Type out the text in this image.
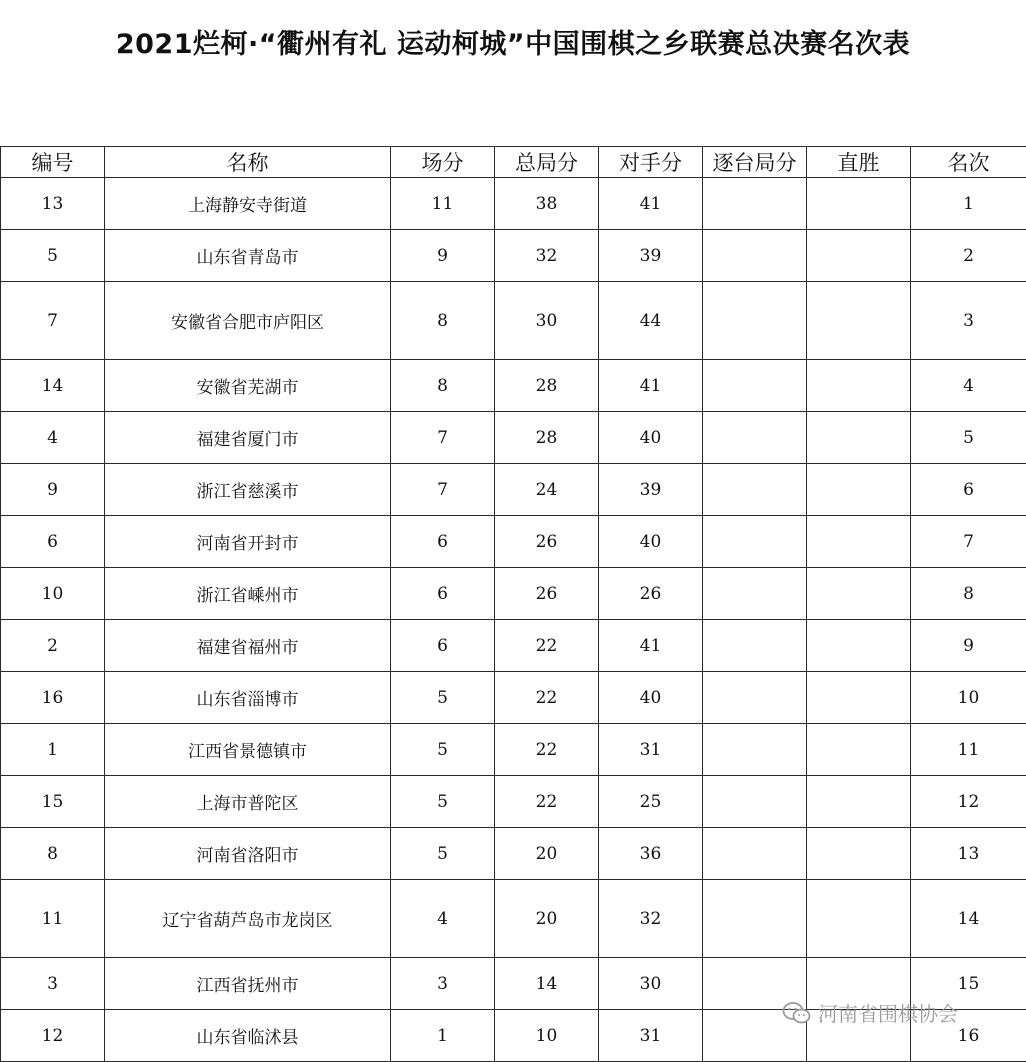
2021烂柯·“衢州有礼 运动柯城”中国围棋之乡联赛总决赛名次表
编号	名称	场分	总局分	对手分	逐台局分	直胜	名次
13	上海静安寺街道	11	38	41			1
5	山东省青岛市	9	32	39			2
7	安徽省合肥市庐阳区	8	30	44			3
14	安徽省芜湖市	8	28	41			4
4	福建省厦门市	7	28	40			5
9	浙江省慈溪市	7	24	39			6
6	河南省开封市	6	26	40			7
10	浙江省嵊州市	6	26	26			8
2	福建省福州市	6	22	41			9
16	山东省淄博市	5	22	40			10
1	江西省景德镇市	5	22	31			11
15	上海市普陀区	5	22	25			12
8	河南省洛阳市	5	20	36			13
11	辽宁省葫芦岛市龙岗区	4	20	32			14
3	江西省抚州市	3	14	30			15
12	山东省临沭县	1	10	31			16
河南省围棋协会
